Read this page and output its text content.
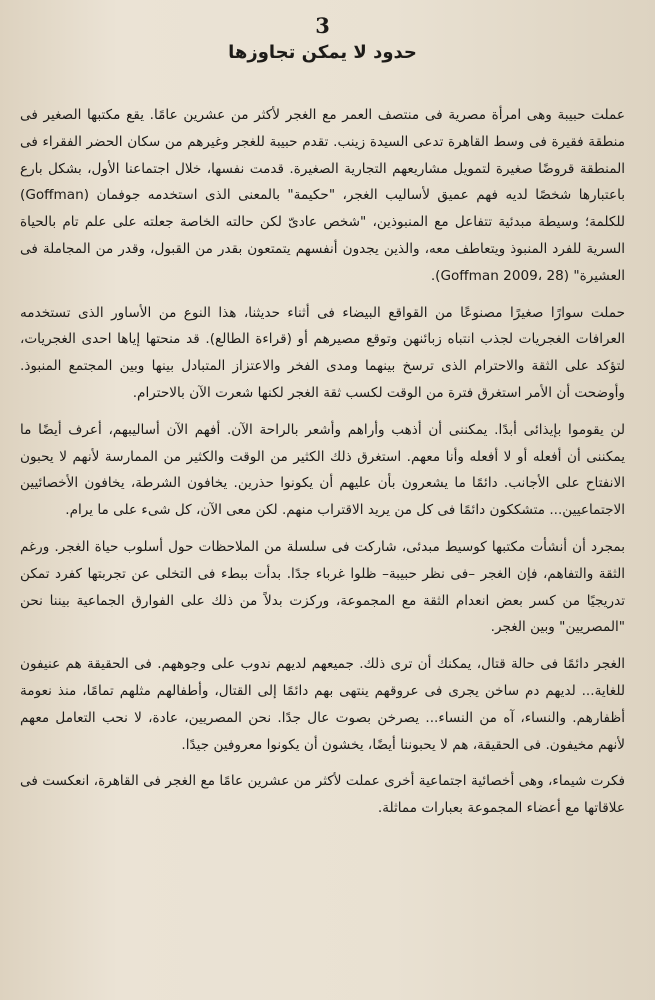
3
حدود لا يمكن تجاوزها

عملت حبيبة وهى امرأة مصرية فى منتصف العمر مع الغجر لأكثر من عشرين عامًا. يقع مكتبها الصغير فى منطقة فقيرة فى وسط القاهرة تدعى السيدة زينب. تقدم حبيبة للغجر وغيرهم من سكان الحضر الفقراء فى المنطقة قروضًا صغيرة لتمويل مشاريعهم التجارية الصغيرة. قدمت نفسها، خلال اجتماعنا الأول، بشكل بارع باعتبارها شخصًا لديه فهم عميق لأساليب الغجر، "حكيمة" بالمعنى الذى استخدمه جوفمان (Goffman) للكلمة؛ وسيطة مبدئية تتفاعل مع المنبوذين، "شخص عادىّ لكن حالته الخاصة جعلته على علم تام بالحياة السرية للفرد المنبوذ ويتعاطف معه، والذين يجدون أنفسهم يتمتعون بقدر من القبول، وقدر من المجاملة فى العشيرة" (Goffman 2009، 28).

حملت سوارًا صغيرًا مصنوعًا من القواقع البيضاء فى أثناء حديثنا، هذا النوع من الأساور الذى تستخدمه العرافات الغجريات لجذب انتباه زبائنهن وتوقع مصيرهم أو (قراءة الطالع). قد منحتها إياها احدى الغجريات، لتؤكد على الثقة والاحترام الذى ترسخ بينهما ومدى الفخر والاعتزاز المتبادل بينها وبين المجتمع المنبوذ. وأوضحت أن الأمر استغرق فترة من الوقت لكسب ثقة الغجر لكنها شعرت الآن بالاحترام.

لن يقوموا بإيذائى أبدًا. يمكننى أن أذهب وأراهم وأشعر بالراحة الآن. أفهم الآن أساليبهم، أعرف أيضًا ما يمكننى أن أفعله أو لا أفعله وأنا معهم. استغرق ذلك الكثير من الوقت والكثير من الممارسة لأنهم لا يحبون الانفتاح على الأجانب. دائمًا ما يشعرون بأن عليهم أن يكونوا حذرين. يخافون الشرطة، يخافون الأخصائيين الاجتماعيين... متشككون دائمًا فى كل من يريد الاقتراب منهم. لكن معى الآن، كل شىء على ما يرام.

بمجرد أن أنشأت مكتبها كوسيط مبدئى، شاركت فى سلسلة من الملاحظات حول أسلوب حياة الغجر. ورغم الثقة والتفاهم، فإن الغجر –فى نظر حبيبة– ظلوا غرباء جدًا. بدأت ببطء فى التخلى عن تجربتها كفرد تمكن تدريجيًا من كسر بعض انعدام الثقة مع المجموعة، وركزت بدلاً من ذلك على الفوارق الجماعية بيننا نحن "المصريين" وبين الغجر.

الغجر دائمًا فى حالة قتال، يمكنك أن ترى ذلك. جميعهم لديهم ندوب على وجوههم. فى الحقيقة هم عنيفون للغاية... لديهم دم ساخن يجرى فى عروقهم ينتهى بهم دائمًا إلى القتال، وأطفالهم مثلهم تمامًا، منذ نعومة أظفارهم. والنساء، آه من النساء... يصرخن بصوت عال جدًا. نحن المصريين، عادة، لا نحب التعامل معهم لأنهم مخيفون. فى الحقيقة، هم لا يحبوننا أيضًا، يخشون أن يكونوا معروفين جيدًا.

فكرت شيماء، وهى أخصائية اجتماعية أخرى عملت لأكثر من عشرين عامًا مع الغجر فى القاهرة، انعكست فى علاقاتها مع أعضاء المجموعة بعبارات مماثلة.
